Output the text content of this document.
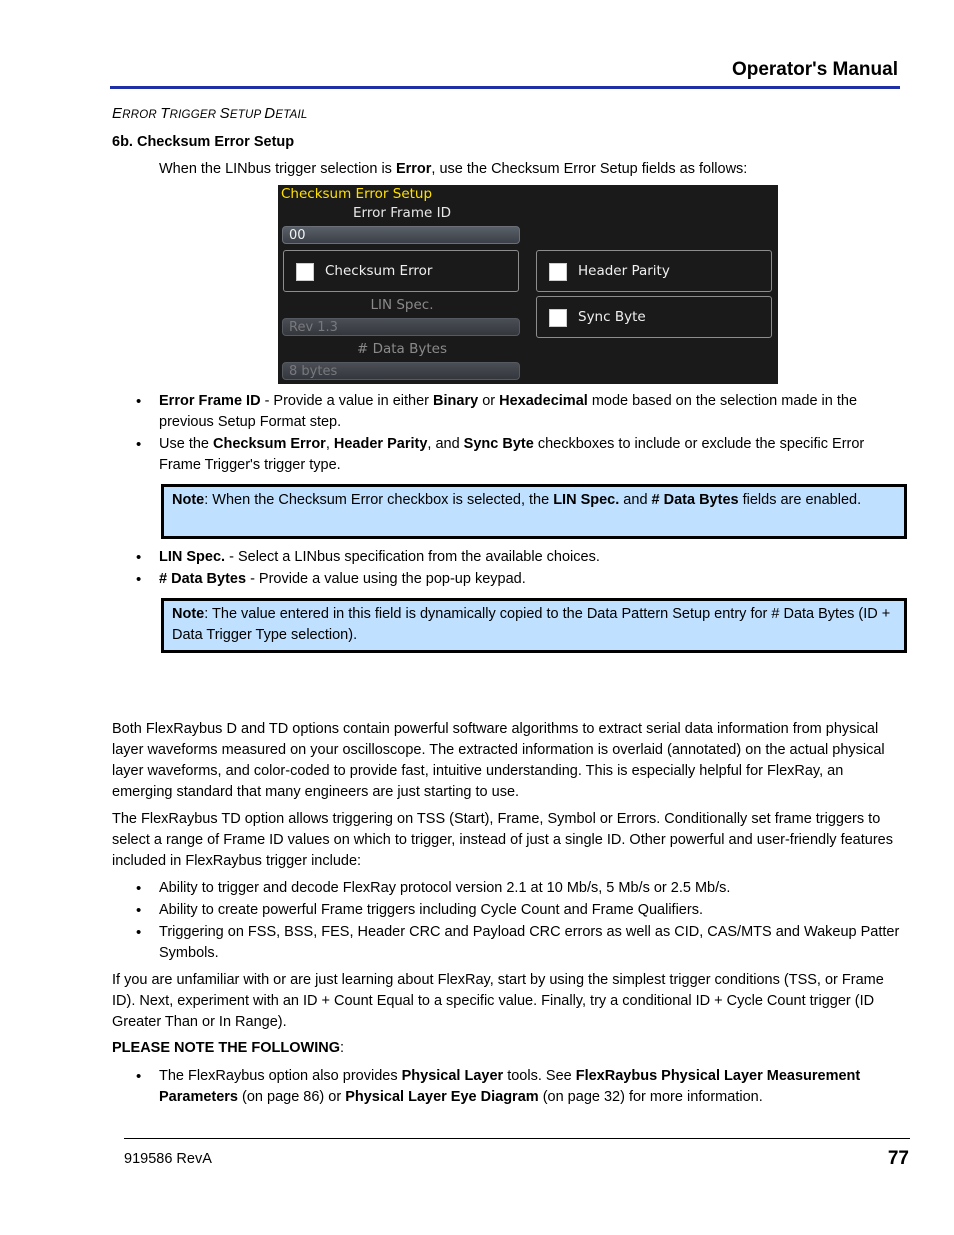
Operator's Manual
ERROR TRIGGER SETUP DETAIL
6b. Checksum Error Setup
When the LINbus trigger selection is Error, use the Checksum Error Setup fields as follows:
Checksum Error Setup
Error Frame ID
00
Checksum Error	Header Parity
LIN Spec.
Rev 1.3
Sync Byte
# Data Bytes
8 bytes
• Error Frame ID - Provide a value in either Binary or Hexadecimal mode based on the selection made in the previous Setup Format step.
• Use the Checksum Error, Header Parity, and Sync Byte checkboxes to include or exclude the specific Error Frame Trigger's trigger type.
Note: When the Checksum Error checkbox is selected, the LIN Spec. and # Data Bytes fields are enabled.
• LIN Spec. - Select a LINbus specification from the available choices.
• # Data Bytes - Provide a value using the pop-up keypad.
Note: The value entered in this field is dynamically copied to the Data Pattern Setup entry for # Data Bytes (ID + Data Trigger Type selection).
Both FlexRaybus D and TD options contain powerful software algorithms to extract serial data information from physical layer waveforms measured on your oscilloscope. The extracted information is overlaid (annotated) on the actual physical layer waveforms, and color-coded to provide fast, intuitive understanding. This is especially helpful for FlexRay, an emerging standard that many engineers are just starting to use.
The FlexRaybus TD option allows triggering on TSS (Start), Frame, Symbol or Errors. Conditionally set frame triggers to select a range of Frame ID values on which to trigger, instead of just a single ID. Other powerful and user-friendly features included in FlexRaybus trigger include:
• Ability to trigger and decode FlexRay protocol version 2.1 at 10 Mb/s, 5 Mb/s or 2.5 Mb/s.
• Ability to create powerful Frame triggers including Cycle Count and Frame Qualifiers.
• Triggering on FSS, BSS, FES, Header CRC and Payload CRC errors as well as CID, CAS/MTS and Wakeup Patter Symbols.
If you are unfamiliar with or are just learning about FlexRay, start by using the simplest trigger conditions (TSS, or Frame ID). Next, experiment with an ID + Count Equal to a specific value. Finally, try a conditional ID + Cycle Count trigger (ID Greater Than or In Range).
PLEASE NOTE THE FOLLOWING:
• The FlexRaybus option also provides Physical Layer tools. See FlexRaybus Physical Layer Measurement Parameters (on page 86) or Physical Layer Eye Diagram (on page 32) for more information.
919586 RevA	77
